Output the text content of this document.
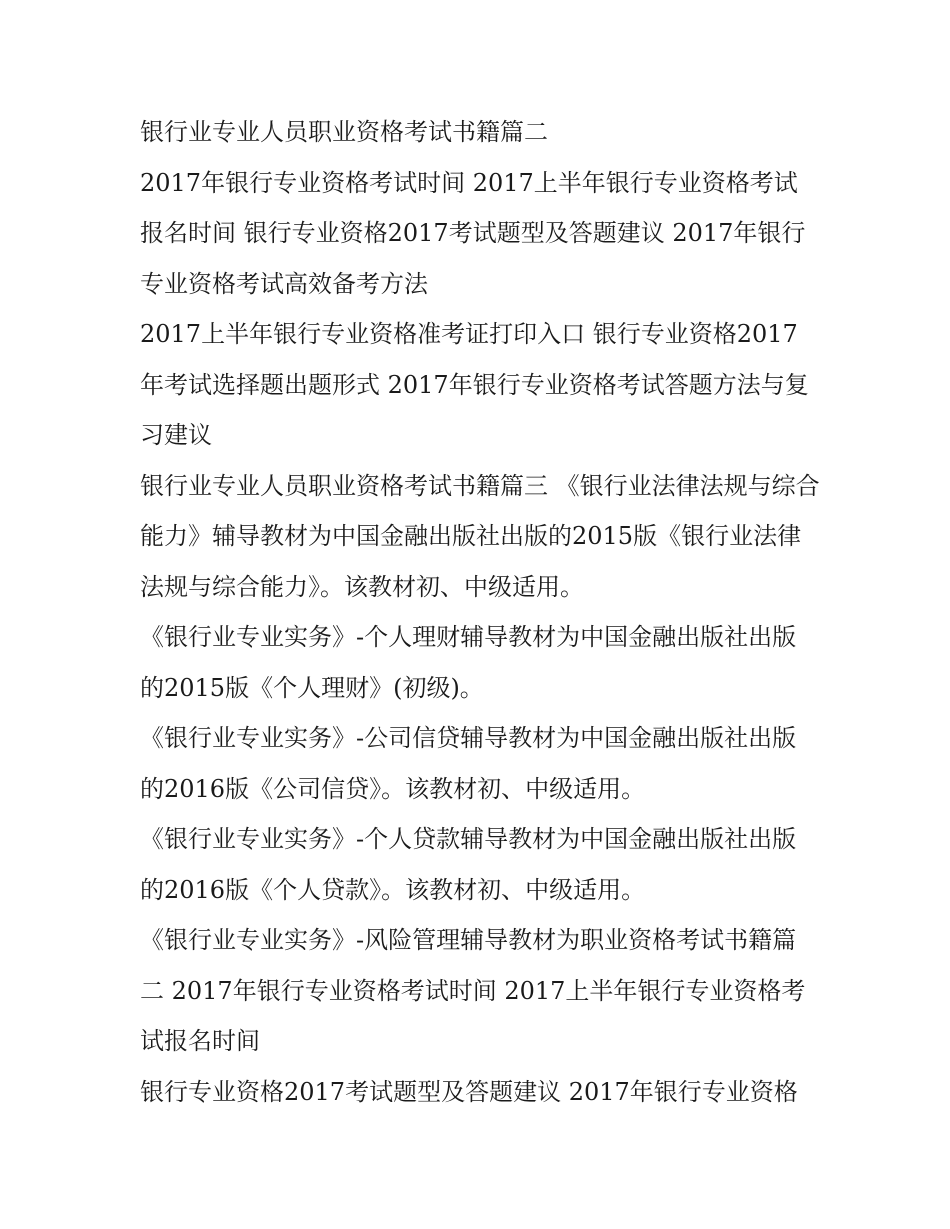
银行业专业人员职业资格考试书籍篇二

2017年银行专业资格考试时间 2017上半年银行专业资格考试报名时间 银行专业资格2017考试题型及答题建议 2017年银行专业资格考试高效备考方法

2017上半年银行专业资格准考证打印入口 银行专业资格2017年考试选择题出题形式 2017年银行专业资格考试答题方法与复习建议

银行业专业人员职业资格考试书籍篇三 《银行业法律法规与综合能力》辅导教材为中国金融出版社出版的2015版《银行业法律法规与综合能力》。该教材初、中级适用。

《银行业专业实务》-个人理财辅导教材为中国金融出版社出版的2015版《个人理财》(初级)。

《银行业专业实务》-公司信贷辅导教材为中国金融出版社出版的2016版《公司信贷》。该教材初、中级适用。

《银行业专业实务》-个人贷款辅导教材为中国金融出版社出版的2016版《个人贷款》。该教材初、中级适用。

《银行业专业实务》-风险管理辅导教材为职业资格考试书籍篇二 2017年银行专业资格考试时间 2017上半年银行专业资格考试报名时间

银行专业资格2017考试题型及答题建议 2017年银行专业资格
